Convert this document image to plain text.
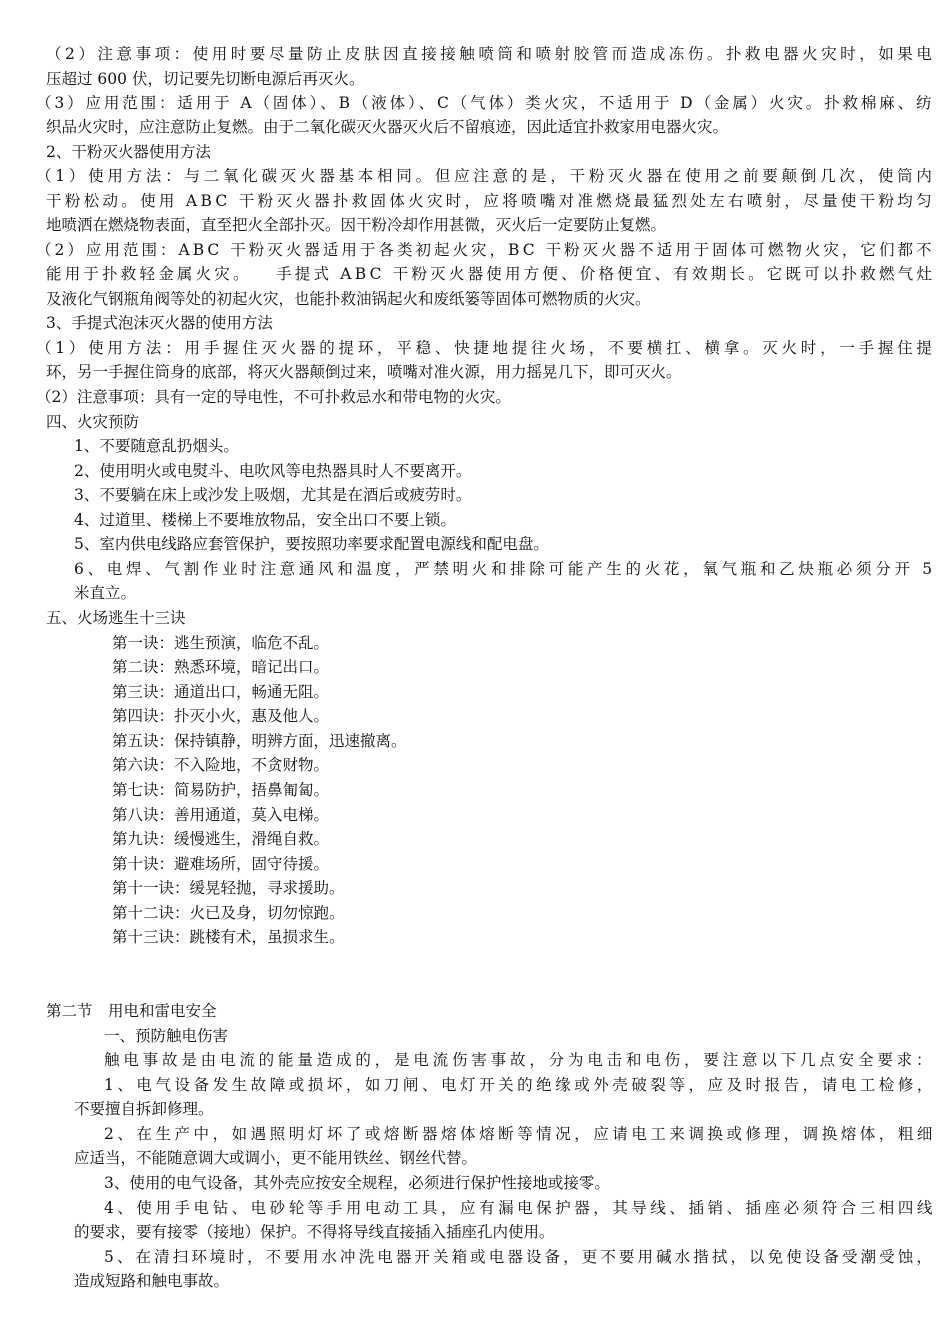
（2）注意事项：使用时要尽量防止皮肤因直接接触喷筒和喷射胶管而造成冻伤。扑救电器火灾时，如果电

压超过 600 伏，切记要先切断电源后再灭火。

（3）应用范围：适用于 A（固体）、B（液体）、C（气体）类火灾，不适用于 D（金属）火灾。扑救棉麻、纺

织品火灾时，应注意防止复燃。由于二氧化碳灭火器灭火后不留痕迹，因此适宜扑救家用电器火灾。

2、干粉灭火器使用方法

（1）使用方法：与二氧化碳灭火器基本相同。但应注意的是，干粉灭火器在使用之前要颠倒几次，使筒内

干粉松动。使用 ABC 干粉灭火器扑救固体火灾时，应将喷嘴对准燃烧最猛烈处左右喷射，尽量使干粉均匀

地喷洒在燃烧物表面，直至把火全部扑灭。因干粉冷却作用甚微，灭火后一定要防止复燃。

（2）应用范围：ABC 干粉灭火器适用于各类初起火灾，BC 干粉灭火器不适用于固体可燃物火灾，它们都不

能用于扑救轻金属火灾。   手提式 ABC 干粉灭火器使用方便、价格便宜、有效期长。它既可以扑救燃气灶

及液化气钢瓶角阀等处的初起火灾，也能扑救油锅起火和废纸篓等固体可燃物质的火灾。

3、手提式泡沫灭火器的使用方法

（1）使用方法：用手握住灭火器的提环，平稳、快捷地提往火场，不要横扛、横拿。灭火时，一手握住提

环，另一手握住筒身的底部，将灭火器颠倒过来，喷嘴对准火源，用力摇晃几下，即可灭火。

（2）注意事项：具有一定的导电性，不可扑救忌水和带电物的火灾。

四、火灾预防

1、不要随意乱扔烟头。

2、使用明火或电熨斗、电吹风等电热器具时人不要离开。

3、不要躺在床上或沙发上吸烟，尤其是在酒后或疲劳时。

4、过道里、楼梯上不要堆放物品，安全出口不要上锁。

5、室内供电线路应套管保护，要按照功率要求配置电源线和配电盘。

6、电焊、气割作业时注意通风和温度，严禁明火和排除可能产生的火花，氧气瓶和乙炔瓶必须分开 5

米直立。

五、火场逃生十三诀

第一诀：逃生预演，临危不乱。

第二诀：熟悉环境，暗记出口。

第三诀：通道出口，畅通无阻。

第四诀：扑灭小火，惠及他人。

第五诀：保持镇静，明辨方面，迅速撤离。

第六诀：不入险地，不贪财物。

第七诀：简易防护，捂鼻匍匐。

第八诀：善用通道，莫入电梯。

第九诀：缓慢逃生，滑绳自救。

第十诀：避难场所，固守待援。

第十一诀：缓晃轻抛，寻求援助。

第十二诀：火已及身，切勿惊跑。

第十三诀：跳楼有术，虽损求生。

第二节　用电和雷电安全

一、预防触电伤害

触电事故是由电流的能量造成的，是电流伤害事故，分为电击和电伤，要注意以下几点安全要求：

1、电气设备发生故障或损坏，如刀闸、电灯开关的绝缘或外壳破裂等，应及时报告，请电工检修，

不要擅自拆卸修理。

2、在生产中，如遇照明灯坏了或熔断器熔体熔断等情况，应请电工来调换或修理，调换熔体，粗细

应适当，不能随意调大或调小，更不能用铁丝、钢丝代替。

3、使用的电气设备，其外壳应按安全规程，必须进行保护性接地或接零。

4、使用手电钻、电砂轮等手用电动工具，应有漏电保护器，其导线、插销、插座必须符合三相四线

的要求，要有接零（接地）保护。不得将导线直接插入插座孔内使用。

5、在清扫环境时，不要用水冲洗电器开关箱或电器设备，更不要用碱水揩拭，以免使设备受潮受蚀，

造成短路和触电事故。
